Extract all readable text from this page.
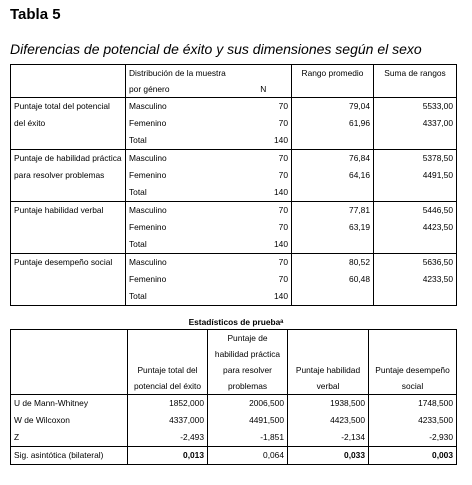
Tabla 5
Diferencias de potencial de éxito y sus dimensiones según el sexo
	Distribución de la muestra por género	N	Rango promedio	Suma de rangos
Puntaje total del potencial del éxito	Masculino	70	79,04	5533,00
	Femenino	70	61,96	4337,00
	Total	140		
Puntaje de habilidad práctica para resolver problemas	Masculino	70	76,84	5378,50
	Femenino	70	64,16	4491,50
	Total	140		
Puntaje habilidad verbal	Masculino	70	77,81	5446,50
	Femenino	70	63,19	4423,50
	Total	140		
Puntaje desempeño social	Masculino	70	80,52	5636,50
	Femenino	70	60,48	4233,50
	Total	140		
Estadísticos de pruebaᵃ
	Puntaje total del potencial del éxito	Puntaje de habilidad práctica para resolver problemas	Puntaje habilidad verbal	Puntaje desempeño social
U de Mann-Whitney	1852,000	2006,500	1938,500	1748,500
W de Wilcoxon	4337,000	4491,500	4423,500	4233,500
Z	-2,493	-1,851	-2,134	-2,930
Sig. asintótica (bilateral)	0,013	0,064	0,033	0,003
